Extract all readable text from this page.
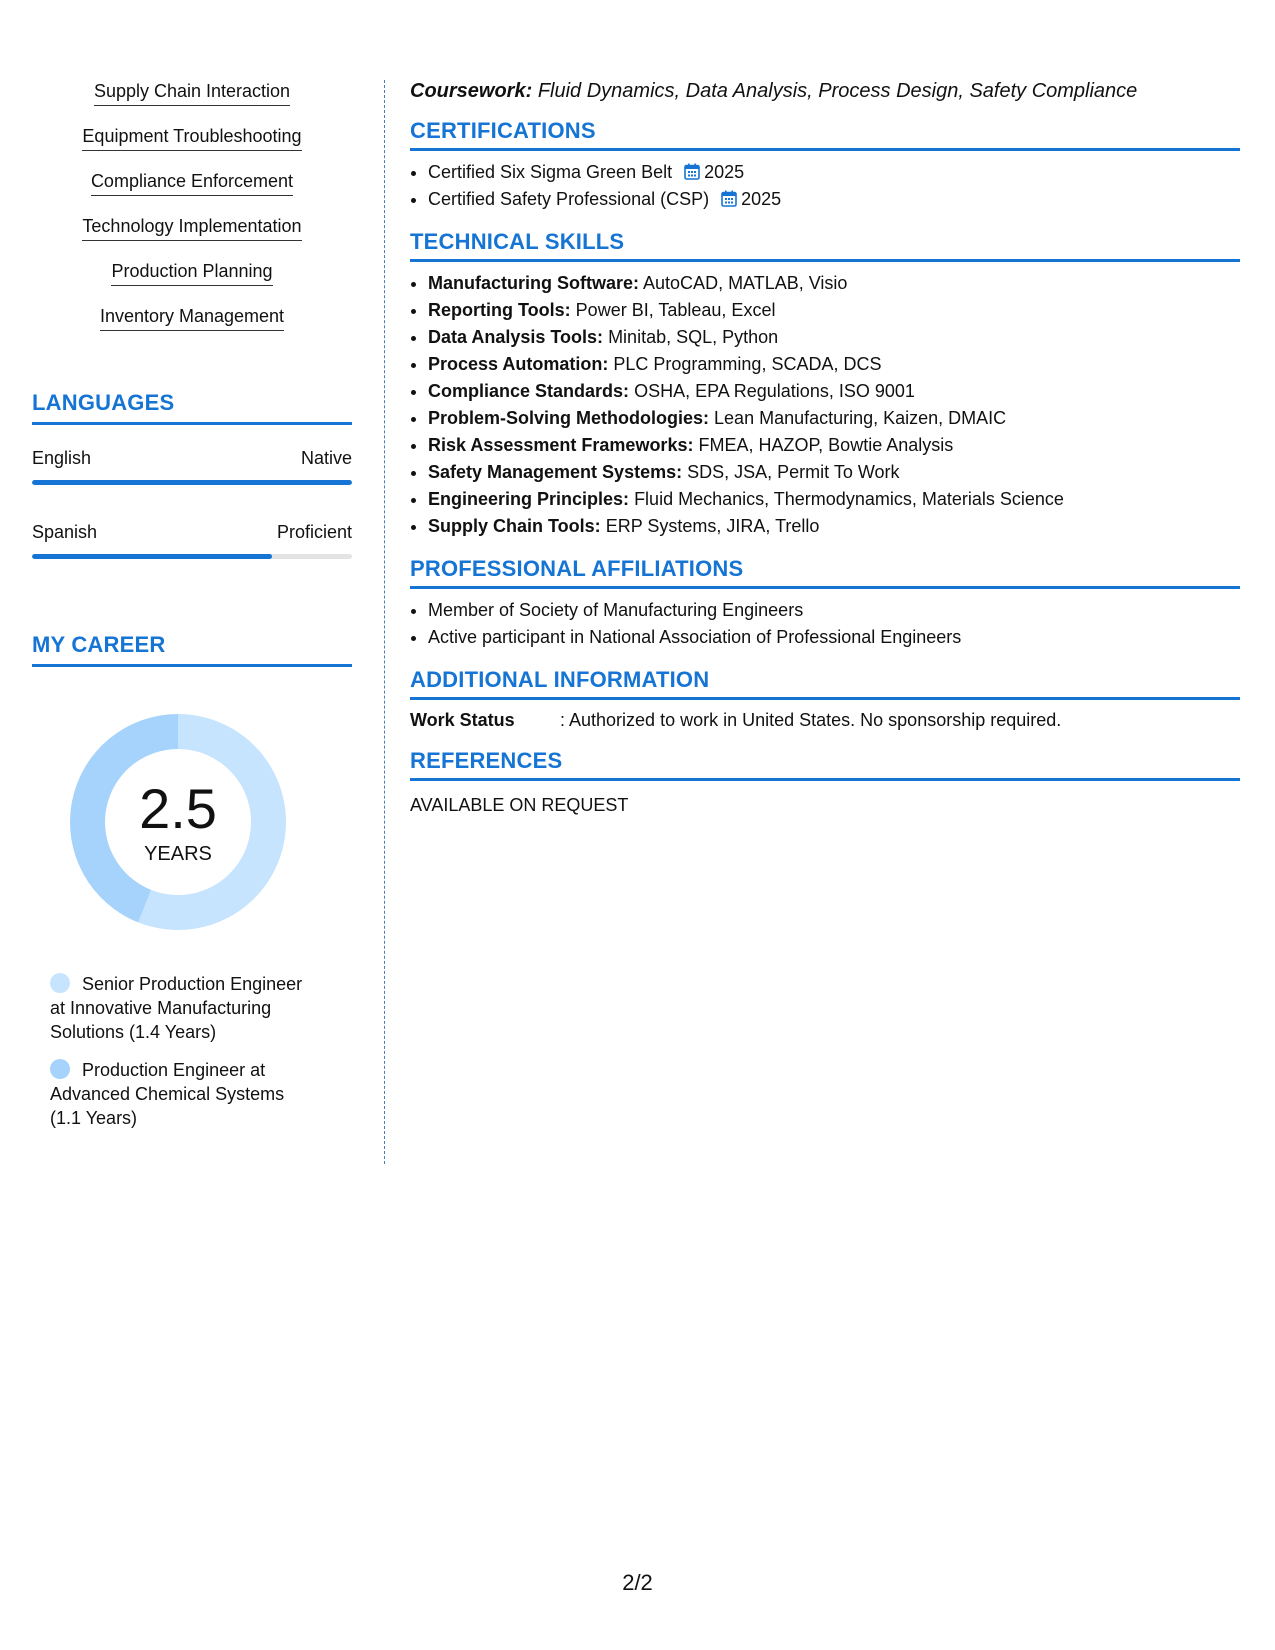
Supply Chain Interaction
Equipment Troubleshooting
Compliance Enforcement
Technology Implementation
Production Planning
Inventory Management
LANGUAGES
English	Native
Spanish	Proficient
MY CAREER
2.5
YEARS
Senior Production Engineer at Innovative Manufacturing Solutions (1.4 Years)
Production Engineer at Advanced Chemical Systems (1.1 Years)

Coursework: Fluid Dynamics, Data Analysis, Process Design, Safety Compliance

CERTIFICATIONS
• Certified Six Sigma Green Belt 2025
• Certified Safety Professional (CSP) 2025
TECHNICAL SKILLS
• Manufacturing Software: AutoCAD, MATLAB, Visio
• Reporting Tools: Power BI, Tableau, Excel
• Data Analysis Tools: Minitab, SQL, Python
• Process Automation: PLC Programming, SCADA, DCS
• Compliance Standards: OSHA, EPA Regulations, ISO 9001
• Problem-Solving Methodologies: Lean Manufacturing, Kaizen, DMAIC
• Risk Assessment Frameworks: FMEA, HAZOP, Bowtie Analysis
• Safety Management Systems: SDS, JSA, Permit To Work
• Engineering Principles: Fluid Mechanics, Thermodynamics, Materials Science
• Supply Chain Tools: ERP Systems, JIRA, Trello
PROFESSIONAL AFFILIATIONS
• Member of Society of Manufacturing Engineers
• Active participant in National Association of Professional Engineers
ADDITIONAL INFORMATION
Work Status	: Authorized to work in United States. No sponsorship required.
REFERENCES

AVAILABLE ON REQUEST

2/2
